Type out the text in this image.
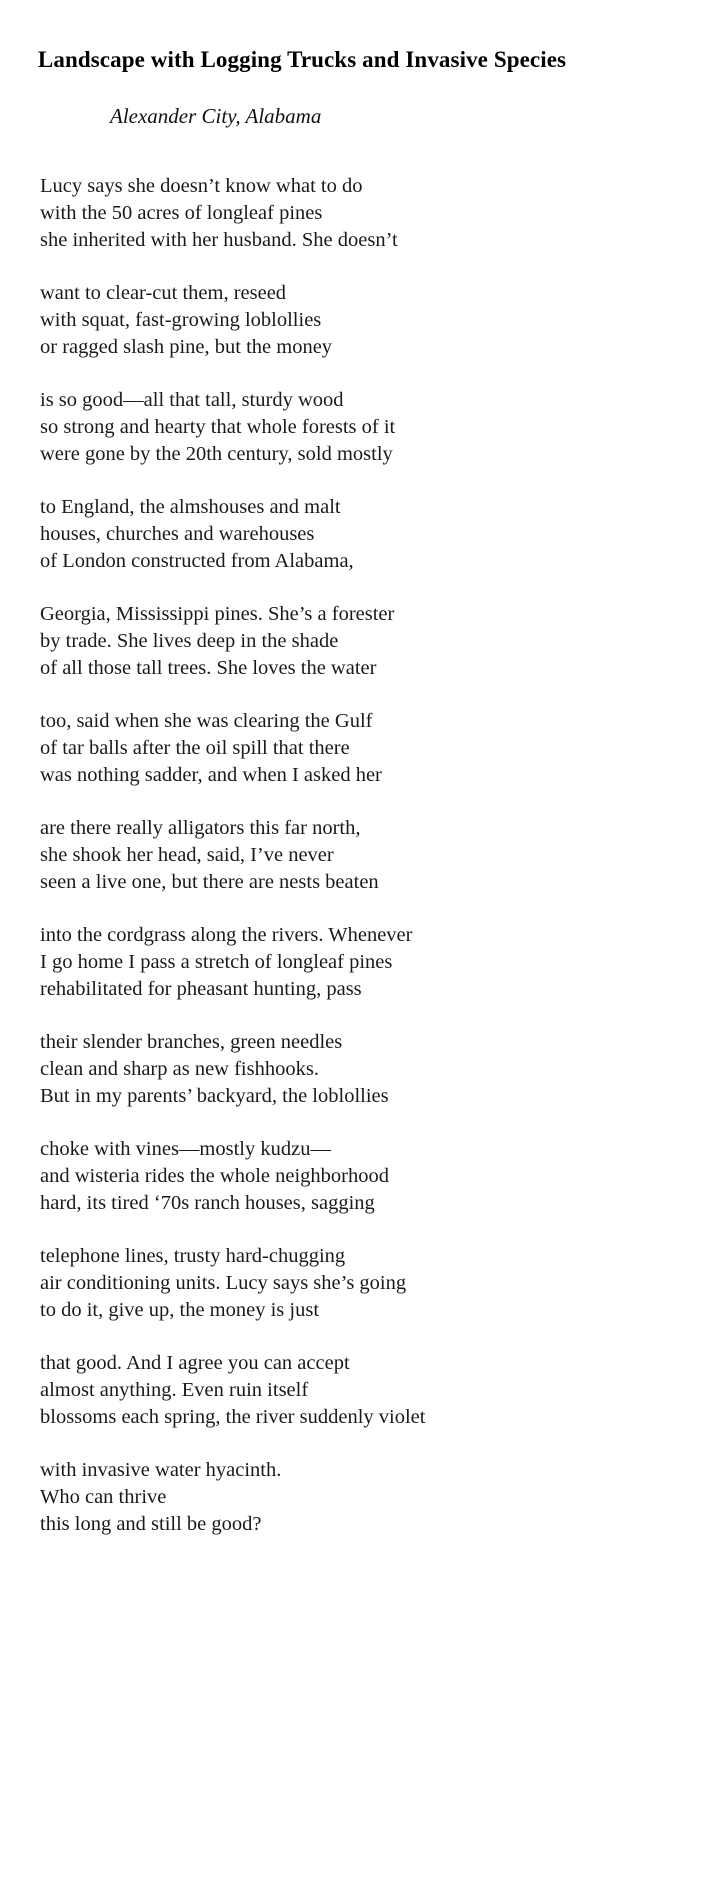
Landscape with Logging Trucks and Invasive Species

Alexander City, Alabama

Lucy says she doesn’t know what to do
with the 50 acres of longleaf pines
she inherited with her husband. She doesn’t
want to clear-cut them, reseed
with squat, fast-growing loblollies
or ragged slash pine, but the money
is so good—all that tall, sturdy wood
so strong and hearty that whole forests of it
were gone by the 20th century, sold mostly
to England, the almshouses and malt
houses, churches and warehouses
of London constructed from Alabama,
Georgia, Mississippi pines. She’s a forester
by trade. She lives deep in the shade
of all those tall trees. She loves the water
too, said when she was clearing the Gulf
of tar balls after the oil spill that there
was nothing sadder, and when I asked her
are there really alligators this far north,
she shook her head, said, I’ve never
seen a live one, but there are nests beaten
into the cordgrass along the rivers. Whenever
I go home I pass a stretch of longleaf pines
rehabilitated for pheasant hunting, pass
their slender branches, green needles
clean and sharp as new fishhooks.
But in my parents’ backyard, the loblollies
choke with vines—mostly kudzu—
and wisteria rides the whole neighborhood
hard, its tired ‘70s ranch houses, sagging
telephone lines, trusty hard-chugging
air conditioning units. Lucy says she’s going
to do it, give up, the money is just
that good. And I agree you can accept
almost anything. Even ruin itself
blossoms each spring, the river suddenly violet
with invasive water hyacinth.
Who can thrive
this long and still be good?
